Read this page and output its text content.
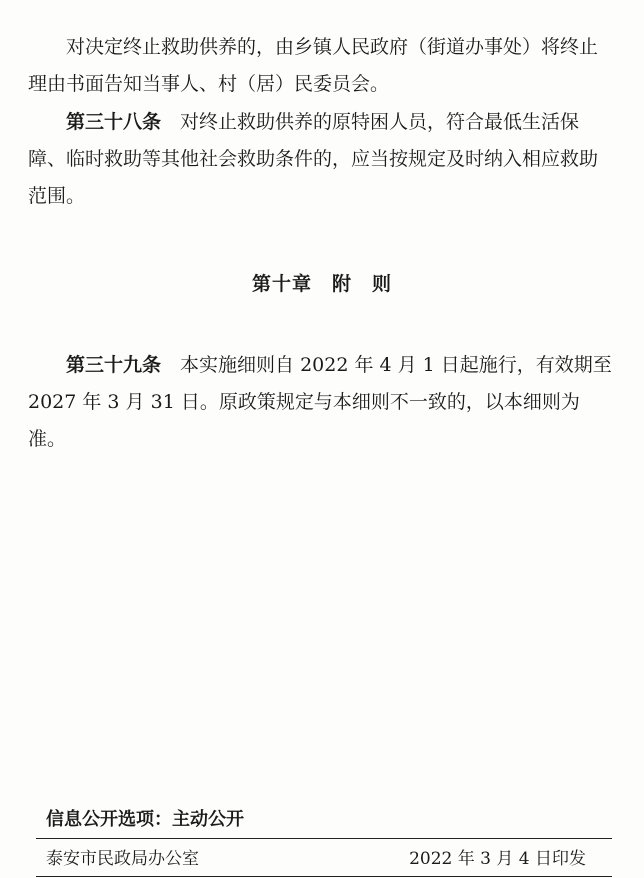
对决定终止救助供养的，由乡镇人民政府（街道办事处）将终止理由书面告知当事人、村（居）民委员会。

第三十八条　 对终止救助供养的原特困人员，符合最低生活保障、临时救助等其他社会救助条件的，应当按规定及时纳入相应救助范围。

第十章　附　则

第三十九条　 本实施细则自 2022 年 4 月 1 日起施行，有效期至 2027 年 3 月 31 日。原政策规定与本细则不一致的，以本细则为准。

信息公开选项：主动公开
泰安市民政局办公室	2022 年 3 月 4 日印发
